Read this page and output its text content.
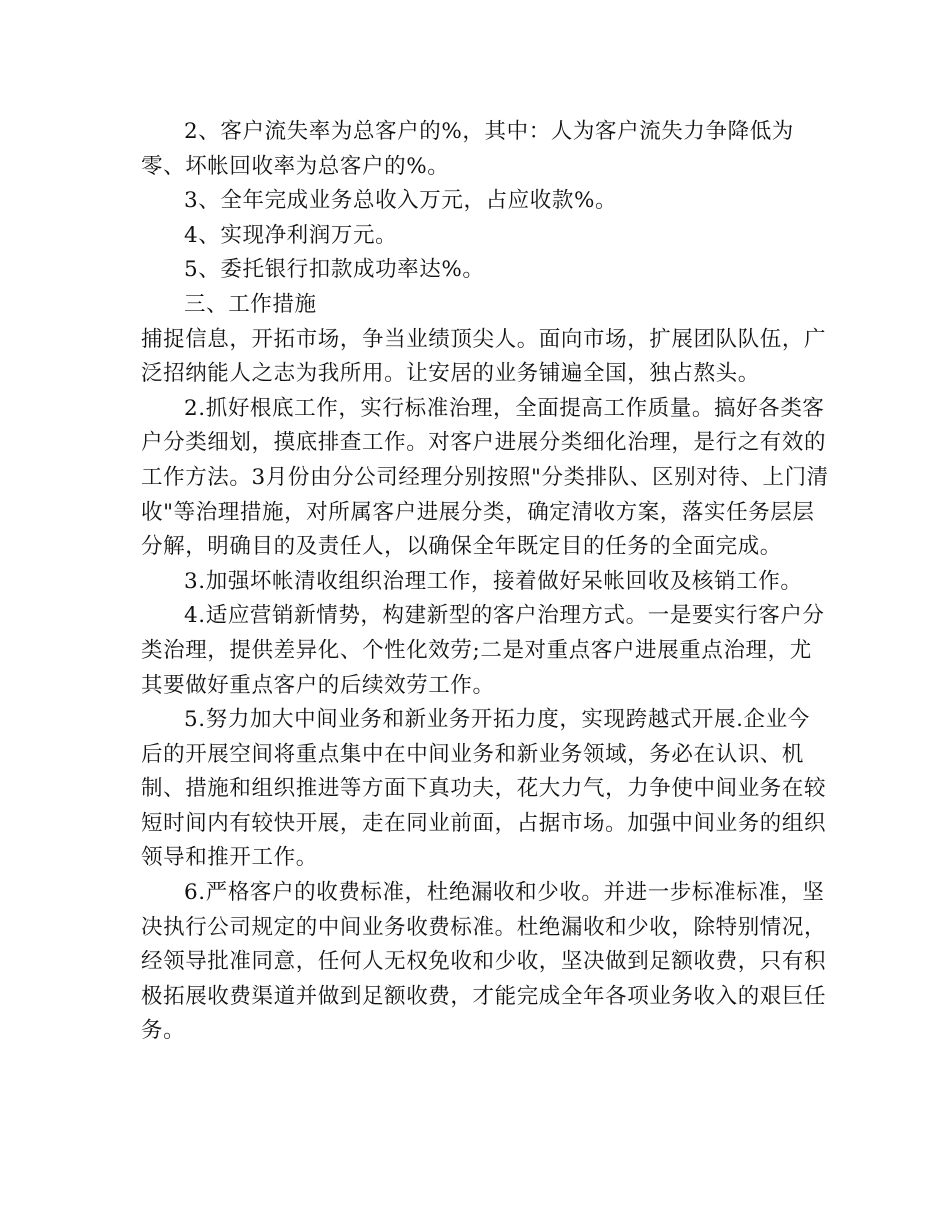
2、客户流失率为总客户的%，其中：人为客户流失力争降低为零、坏帐回收率为总客户的%。

3、全年完成业务总收入万元，占应收款%。

4、实现净利润万元。

5、委托银行扣款成功率达%。

三、工作措施

捕捉信息，开拓市场，争当业绩顶尖人。面向市场，扩展团队队伍，广泛招纳能人之志为我所用。让安居的业务铺遍全国，独占熬头。

2.抓好根底工作，实行标准治理，全面提高工作质量。搞好各类客户分类细划，摸底排查工作。对客户进展分类细化治理，是行之有效的工作方法。3月份由分公司经理分别按照"分类排队、区别对待、上门清收"等治理措施，对所属客户进展分类，确定清收方案，落实任务层层分解，明确目的及责任人，以确保全年既定目的任务的全面完成。

3.加强坏帐清收组织治理工作，接着做好呆帐回收及核销工作。

4.适应营销新情势，构建新型的客户治理方式。一是要实行客户分类治理，提供差异化、个性化效劳;二是对重点客户进展重点治理，尤其要做好重点客户的后续效劳工作。

5.努力加大中间业务和新业务开拓力度，实现跨越式开展.企业今后的开展空间将重点集中在中间业务和新业务领域，务必在认识、机制、措施和组织推进等方面下真功夫，花大力气，力争使中间业务在较短时间内有较快开展，走在同业前面，占据市场。加强中间业务的组织领导和推开工作。

6.严格客户的收费标准，杜绝漏收和少收。并进一步标准标准，坚决执行公司规定的中间业务收费标准。杜绝漏收和少收，除特别情况，经领导批准同意，任何人无权免收和少收，坚决做到足额收费，只有积极拓展收费渠道并做到足额收费，才能完成全年各项业务收入的艰巨任务。
